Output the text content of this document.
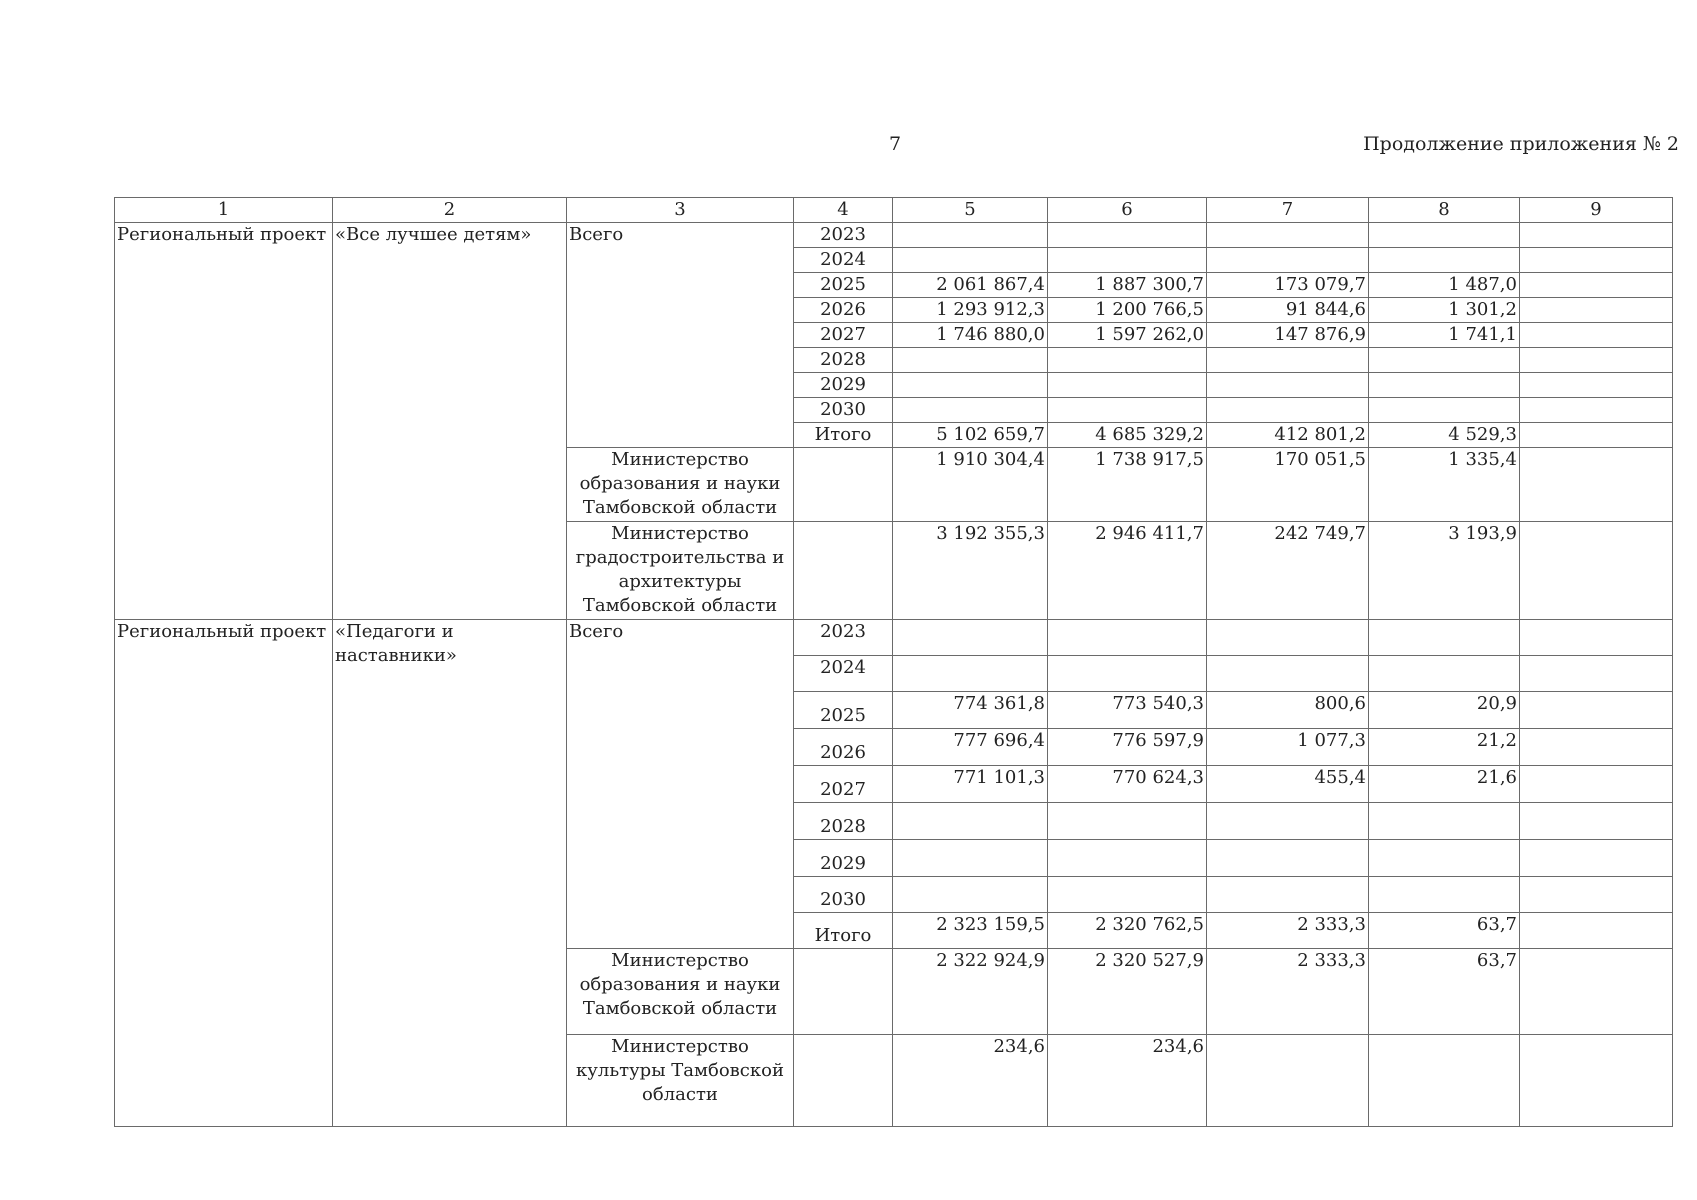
7	Продолжение приложения № 2
1	2	3	4	5	6	7	8	9
Региональный проект	«Все лучшее детям»	Всего	2023					
			2024					
			2025	2 061 867,4	1 887 300,7	173 079,7	1 487,0	
			2026	1 293 912,3	1 200 766,5	91 844,6	1 301,2	
			2027	1 746 880,0	1 597 262,0	147 876,9	1 741,1	
			2028					
			2029					
			2030					
			Итого	5 102 659,7	4 685 329,2	412 801,2	4 529,3	
		Министерство образования и науки Тамбовской области		1 910 304,4	1 738 917,5	170 051,5	1 335,4	
		Министерство градостроительства и архитектуры Тамбовской области		3 192 355,3	2 946 411,7	242 749,7	3 193,9	
Региональный проект	«Педагоги и наставники»	Всего	2023					
			2024					
			2025	774 361,8	773 540,3	800,6	20,9	
			2026	777 696,4	776 597,9	1 077,3	21,2	
			2027	771 101,3	770 624,3	455,4	21,6	
			2028					
			2029					
			2030					
			Итого	2 323 159,5	2 320 762,5	2 333,3	63,7	
		Министерство образования и науки Тамбовской области		2 322 924,9	2 320 527,9	2 333,3	63,7	
		Министерство культуры Тамбовской области		234,6	234,6			
